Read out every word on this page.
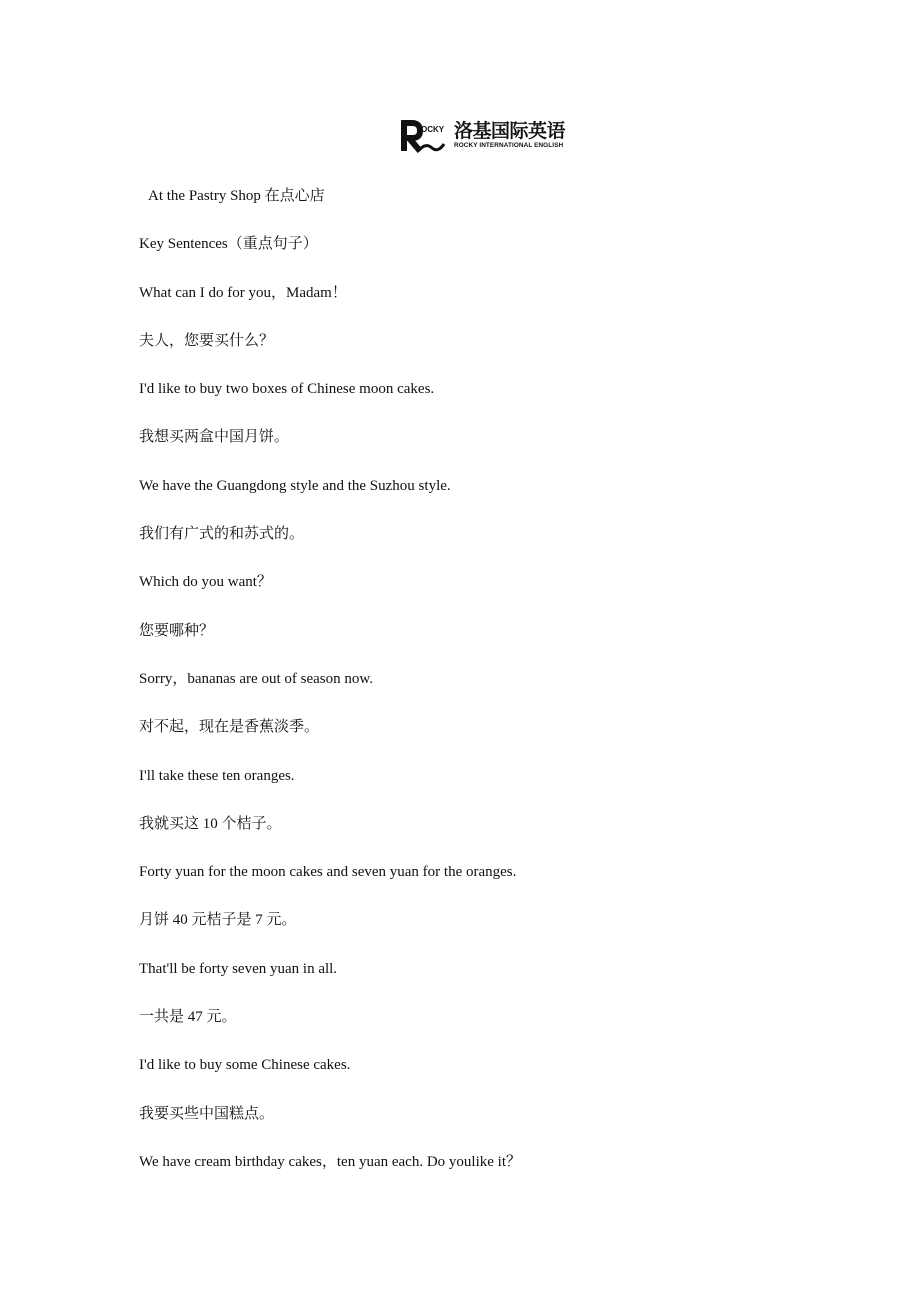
OCKY 洛基国际英语
ROCKY INTERNATIONAL ENGLISH
At the Pastry Shop 在点心店
Key Sentences（重点句子）
What can I do for you，Madam！
夫人，您要买什么？
I'd like to buy two boxes of Chinese moon cakes.
我想买两盒中国月饼。
We have the Guangdong style and the Suzhou style.
我们有广式的和苏式的。
Which do you want？
您要哪种？
Sorry，bananas are out of season now.
对不起，现在是香蕉淡季。
I'll take these ten oranges.
我就买这 10 个桔子。
Forty yuan for the moon cakes and seven yuan for the oranges.
月饼 40 元桔子是 7 元。
That'll be forty seven yuan in all.
一共是 47 元。
I'd like to buy some Chinese cakes.
我要买些中国糕点。
We have cream birthday cakes，ten yuan each. Do youlike it？
